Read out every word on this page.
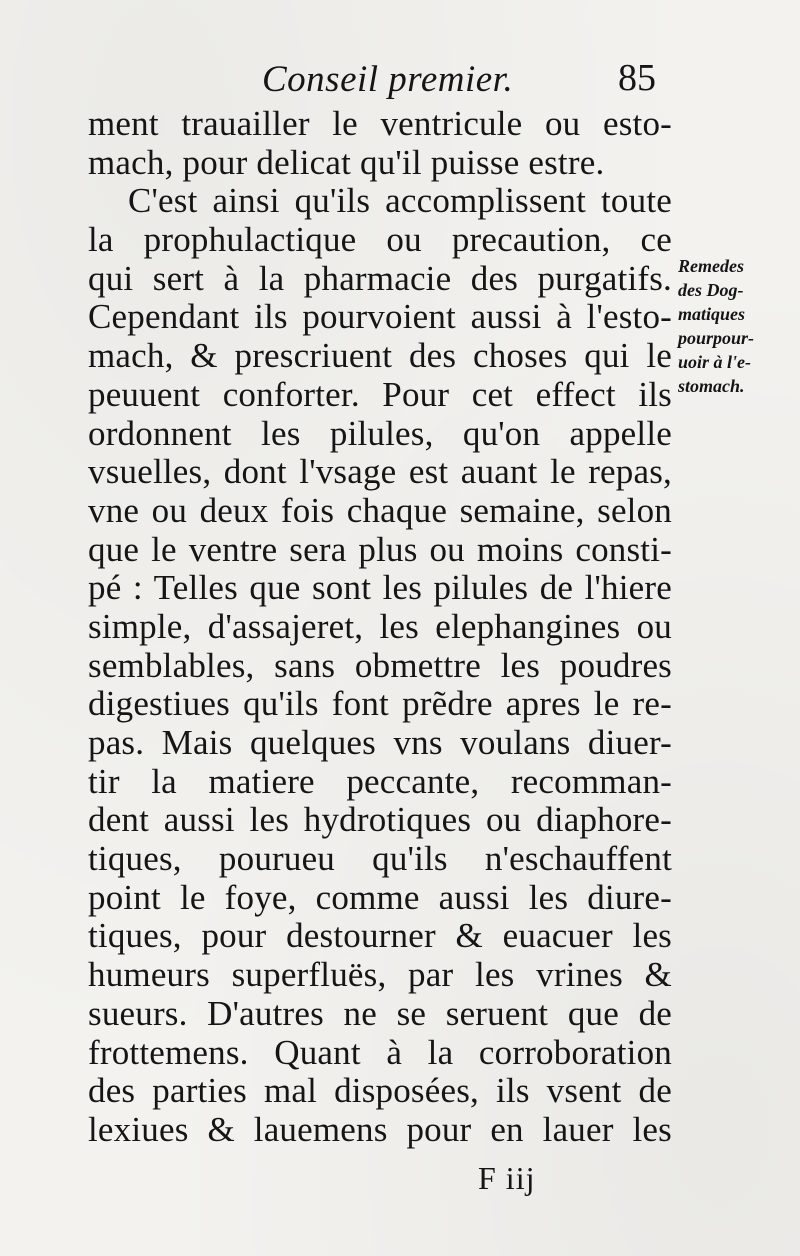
Conseil premier.	85
ment trauailler le ventricule ou esto-
mach, pour delicat qu'il puisse estre.
C'est ainsi qu'ils accomplissent toute
la prophulactique ou precaution, ce
qui sert à la pharmacie des purgatifs.
Cependant ils pourvoient aussi à l'esto-
mach, & prescriuent des choses qui le
peuuent conforter. Pour cet effect ils
ordonnent les pilules, qu'on appelle
vsuelles, dont l'vsage est auant le repas,
vne ou deux fois chaque semaine, selon
que le ventre sera plus ou moins consti-
pé : Telles que sont les pilules de l'hiere
simple, d'assajeret, les elephangines ou
semblables, sans obmettre les poudres
digestiues qu'ils font prẽdre apres le re-
pas. Mais quelques vns voulans diuer-
tir la matiere peccante, recomman-
dent aussi les hydrotiques ou diaphore-
tiques, pourueu qu'ils n'eschauffent
point le foye, comme aussi les diure-
tiques, pour destourner & euacuer les
humeurs superfluës, par les vrines &
sueurs. D'autres ne se seruent que de
frottemens. Quant à la corroboration
des parties mal disposées, ils vsent de
lexiues & lauemens pour en lauer les
Remedes
des Dog-
matiques
pourpour-
uoir à l'e-
stomach.
F iij
